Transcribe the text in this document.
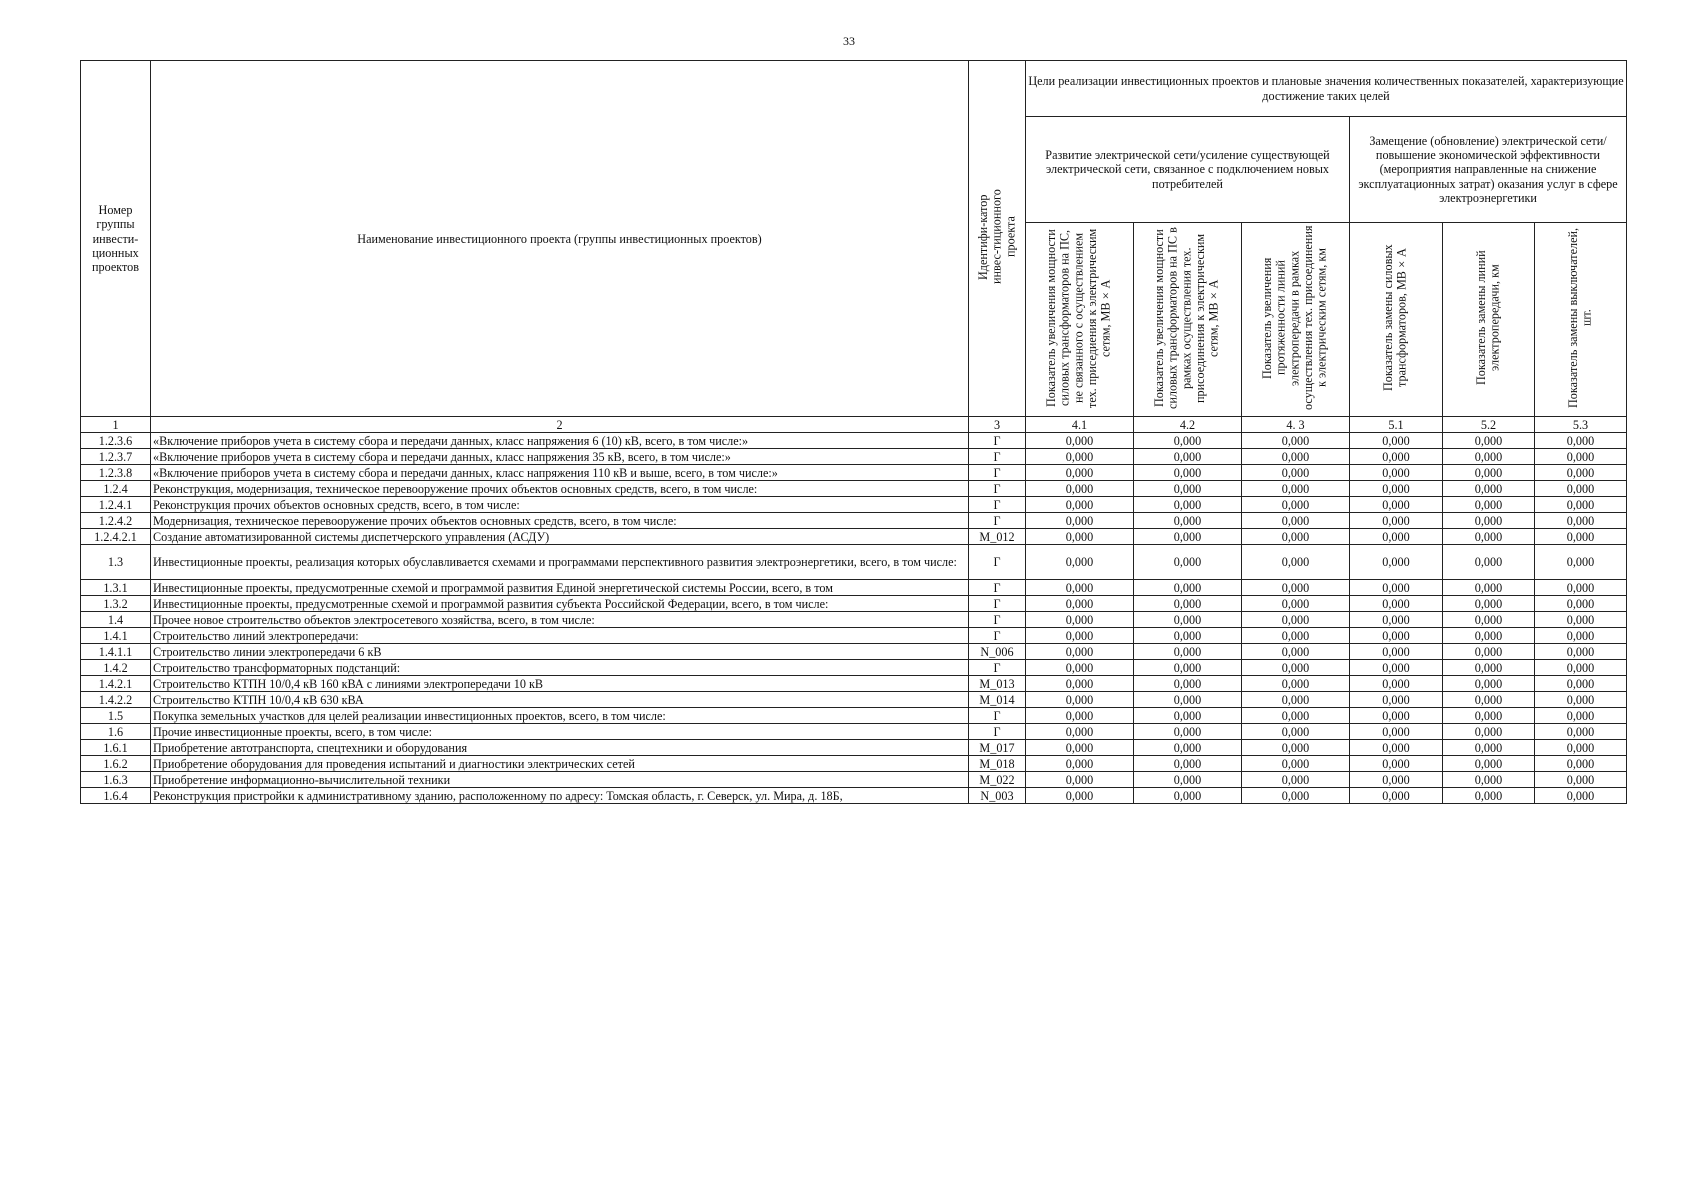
33
Номер группы инвести-ционных проектов	Наименование инвестиционного проекта (группы инвестиционных проектов)	Идентифи-катор инвес-тиционного проекта	Цели реализации инвестиционных проектов и плановые значения количественных показателей, характеризующие достижение таких целей					
			Развитие электрической сети/усиление существующей электрической сети, связанное с подключением новых потребителей			Замещение (обновление) электрической сети/повышение экономической эффективности (мероприятия направленные на снижение эксплуатационных затрат) оказания услуг в сфере электроэнергетики		
			Показатель увеличения мощности силовых трансформаторов на ПС, не связанного с осуществлением тех. приседиения к электрическим сетям, МВ×А	Показатель увеличения мощности силовых трансформаторов на ПС в рамках осуществления тех. присоединения к электрическим сетям, МВ×А	Показатель увеличения протяженности линий электропередачи в рамках осуществления тех. присоединения к электрическим сетям, км	Показатель замены силовых трансформаторов, МВ×А	Показатель замены линий электропередачи, км	Показатель замены выключателей, шт.
1	2	3	4.1	4.2	4. 3	5.1	5.2	5.3
1.2.3.6	«Включение приборов учета в систему сбора и передачи данных, класс напряжения 6 (10) кВ, всего, в том числе:»	Г	0,000	0,000	0,000	0,000	0,000	0,000
1.2.3.7	«Включение приборов учета в систему сбора и передачи данных, класс напряжения 35 кВ, всего, в том числе:»	Г	0,000	0,000	0,000	0,000	0,000	0,000
1.2.3.8	«Включение приборов учета в систему сбора и передачи данных, класс напряжения 110 кВ и выше, всего, в том числе:»	Г	0,000	0,000	0,000	0,000	0,000	0,000
1.2.4	Реконструкция, модернизация, техническое перевооружение прочих объектов основных средств, всего, в том числе:	Г	0,000	0,000	0,000	0,000	0,000	0,000
1.2.4.1	Реконструкция прочих объектов основных средств, всего, в том числе:	Г	0,000	0,000	0,000	0,000	0,000	0,000
1.2.4.2	Модернизация, техническое перевооружение прочих объектов основных средств, всего, в том числе:	Г	0,000	0,000	0,000	0,000	0,000	0,000
1.2.4.2.1	Создание автоматизированной системы диспетчерского управления (АСДУ)	M_012	0,000	0,000	0,000	0,000	0,000	0,000
1.3	Инвестиционные проекты, реализация которых обуславливается схемами и программами перспективного развития электроэнергетики, всего, в том числе:	Г	0,000	0,000	0,000	0,000	0,000	0,000
1.3.1	Инвестиционные проекты, предусмотренные схемой и программой развития Единой энергетической системы России, всего, в том	Г	0,000	0,000	0,000	0,000	0,000	0,000
1.3.2	Инвестиционные проекты, предусмотренные схемой и программой развития субъекта Российской Федерации, всего, в том числе:	Г	0,000	0,000	0,000	0,000	0,000	0,000
1.4	Прочее новое строительство объектов электросетевого хозяйства, всего, в том числе:	Г	0,000	0,000	0,000	0,000	0,000	0,000
1.4.1	Строительство линий электропередачи:	Г	0,000	0,000	0,000	0,000	0,000	0,000
1.4.1.1	Строительство линии электропередачи 6 кВ	N_006	0,000	0,000	0,000	0,000	0,000	0,000
1.4.2	Строительство трансформаторных подстанций:	Г	0,000	0,000	0,000	0,000	0,000	0,000
1.4.2.1	Строительство КТПН 10/0,4 кВ 160 кВА с линиями электропередачи 10 кВ	M_013	0,000	0,000	0,000	0,000	0,000	0,000
1.4.2.2	Строительство КТПН 10/0,4 кВ 630 кВА	M_014	0,000	0,000	0,000	0,000	0,000	0,000
1.5	Покупка земельных участков для целей реализации инвестиционных проектов, всего, в том числе:	Г	0,000	0,000	0,000	0,000	0,000	0,000
1.6	Прочие инвестиционные проекты, всего, в том числе:	Г	0,000	0,000	0,000	0,000	0,000	0,000
1.6.1	Приобретение автотранспорта, спецтехники и оборудования	M_017	0,000	0,000	0,000	0,000	0,000	0,000
1.6.2	Приобретение оборудования для проведения испытаний и диагностики электрических сетей	M_018	0,000	0,000	0,000	0,000	0,000	0,000
1.6.3	Приобретение информационно-вычислительной техники	M_022	0,000	0,000	0,000	0,000	0,000	0,000
1.6.4	Реконструкция пристройки к административному зданию, расположенному по адресу: Томская область, г. Северск, ул. Мира, д. 18Б,	N_003	0,000	0,000	0,000	0,000	0,000	0,000
